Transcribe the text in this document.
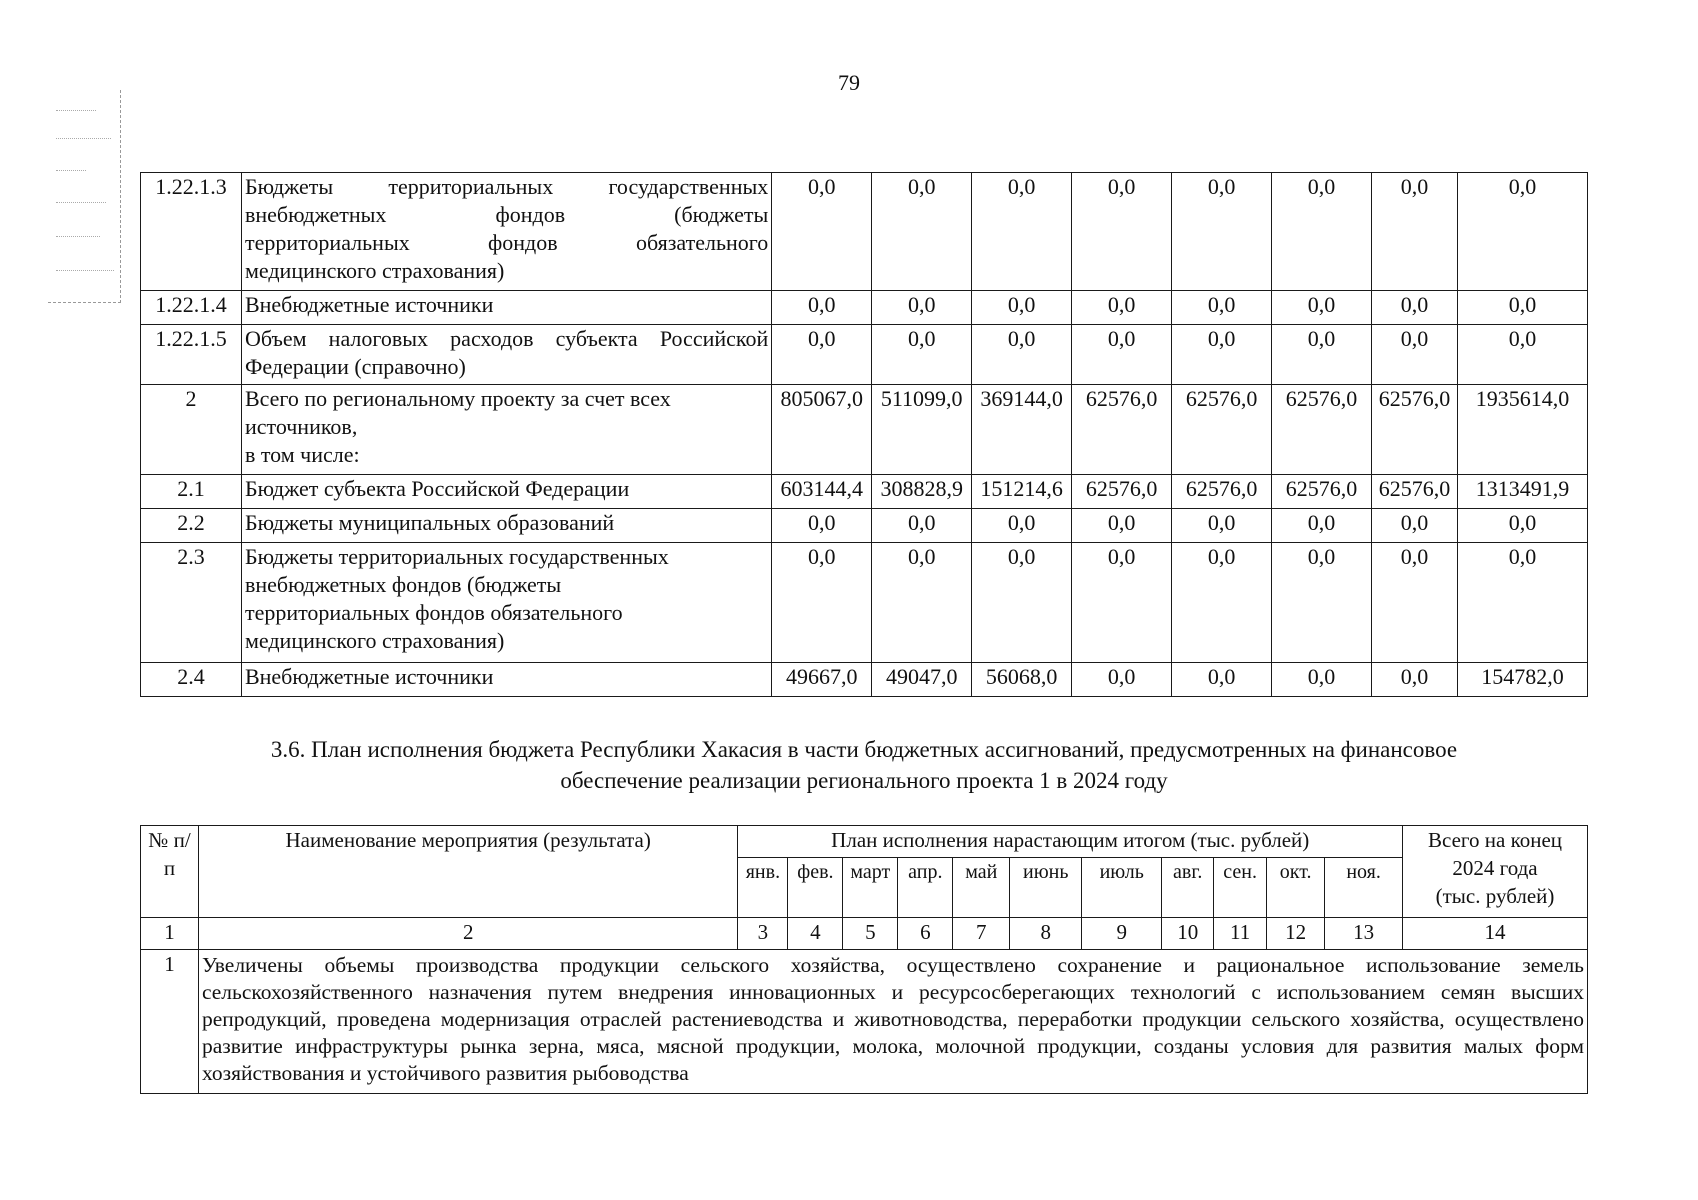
79
1.22.1.3	Бюджеты территориальных государственных
внебюджетных фондов (бюджеты
территориальных фондов обязательного
медицинского страхования)	0,0	0,0	0,0	0,0	0,0	0,0	0,0	0,0
1.22.1.4	Внебюджетные источники	0,0	0,0	0,0	0,0	0,0	0,0	0,0	0,0
1.22.1.5	Объем налоговых расходов субъекта Российской
Федерации (справочно)	0,0	0,0	0,0	0,0	0,0	0,0	0,0	0,0
2	Всего по региональному проекту за счет всех
источников,
в том числе:	805067,0	511099,0	369144,0	62576,0	62576,0	62576,0	62576,0	1935614,0
2.1	Бюджет субъекта Российской Федерации	603144,4	308828,9	151214,6	62576,0	62576,0	62576,0	62576,0	1313491,9
2.2	Бюджеты муниципальных образований	0,0	0,0	0,0	0,0	0,0	0,0	0,0	0,0
2.3	Бюджеты территориальных государственных
внебюджетных фондов (бюджеты
территориальных фондов обязательного
медицинского страхования)	0,0	0,0	0,0	0,0	0,0	0,0	0,0	0,0
2.4	Внебюджетные источники	49667,0	49047,0	56068,0	0,0	0,0	0,0	0,0	154782,0
3.6. План исполнения бюджета Республики Хакасия в части бюджетных ассигнований, предусмотренных на финансовое
обеспечение реализации регионального проекта 1 в 2024 году
№ п/п	Наименование мероприятия (результата)	План исполнения нарастающим итогом (тыс. рублей)											Всего на конец
2024 года
(тыс. рублей)

		янв.	фев.	март	апр.	май	июнь	июль	авг.	сен.	окт.	ноя.	
1	2	3	4	5	6	7	8	9	10	11	12	13	14
1	Увеличены объемы производства продукции сельского хозяйства, осуществлено сохранение и рациональное использование земель сельскохозяйственного назначения путем внедрения инновационных и ресурсосберегающих технологий с использованием семян высших репродукций, проведена модернизация отраслей растениеводства и животноводства, переработки продукции сельского хозяйства, осуществлено развитие инфраструктуры рынка зерна, мяса, мясной продукции, молока, молочной продукции, созданы условия для развития малых форм хозяйствования и устойчивого развития рыбоводства												
